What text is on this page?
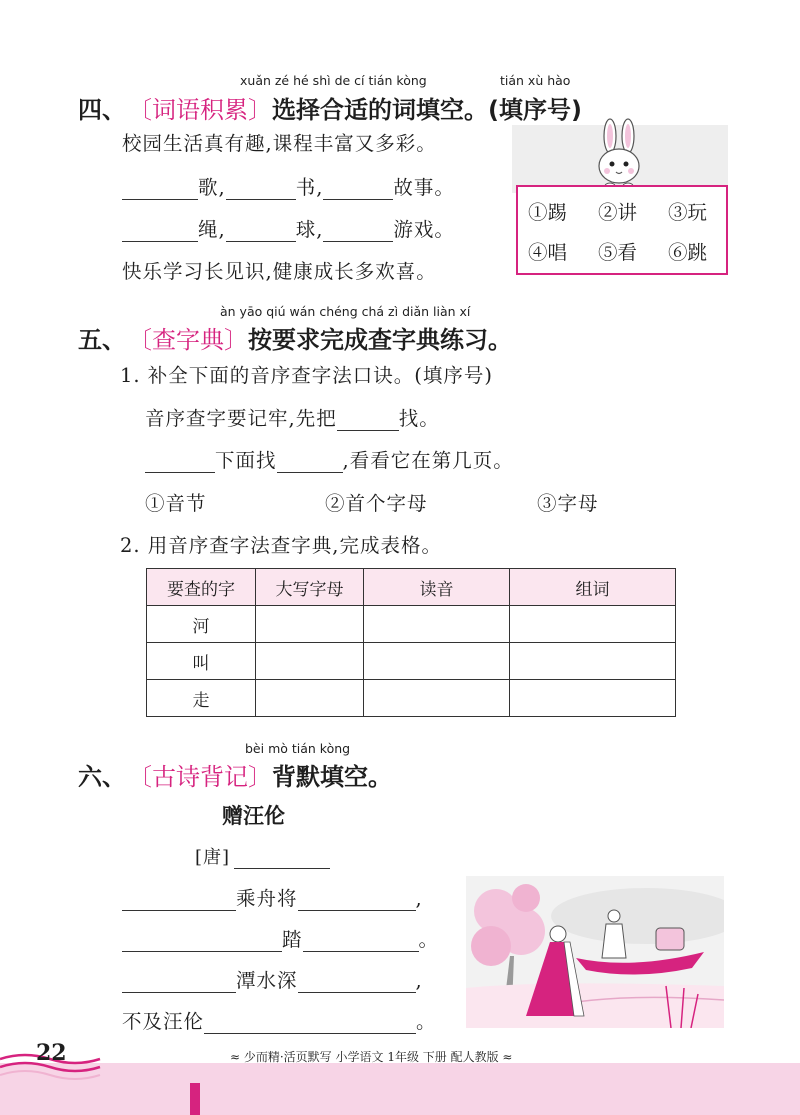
xuǎn zé hé shì de cí tián kòng	tián xù hào
四、 〔词语积累〕 选择合适的词填空。(填序号)
校园生活真有趣,课程丰富又多彩。
歌,	书,	故事。
绳,	球,	游戏。
快乐学习长见识,健康成长多欢喜。
①踢 ②讲 ③玩
④唱 ⑤看 ⑥跳
àn yāo qiú wán chéng chá zì diǎn liàn xí
五、 〔查字典〕 按要求完成查字典练习。
1. 补全下面的音序查字法口诀。(填序号)
音序查字要记牢,先把	找。
下面找	,看看它在第几页。
①音节	②首个字母	③字母
2. 用音序查字法查字典,完成表格。
要查的字	大写字母	读音	组词
河			
叫			
走			
bèi mò tián kòng
六、 〔古诗背记〕 背默填空。
赠汪伦
[唐]
乘舟将	,
踏	。
潭水深	,
不及汪伦	。
22	≈ 少而精·活页默写 小学语文 1年级 下册 配人教版 ≈
